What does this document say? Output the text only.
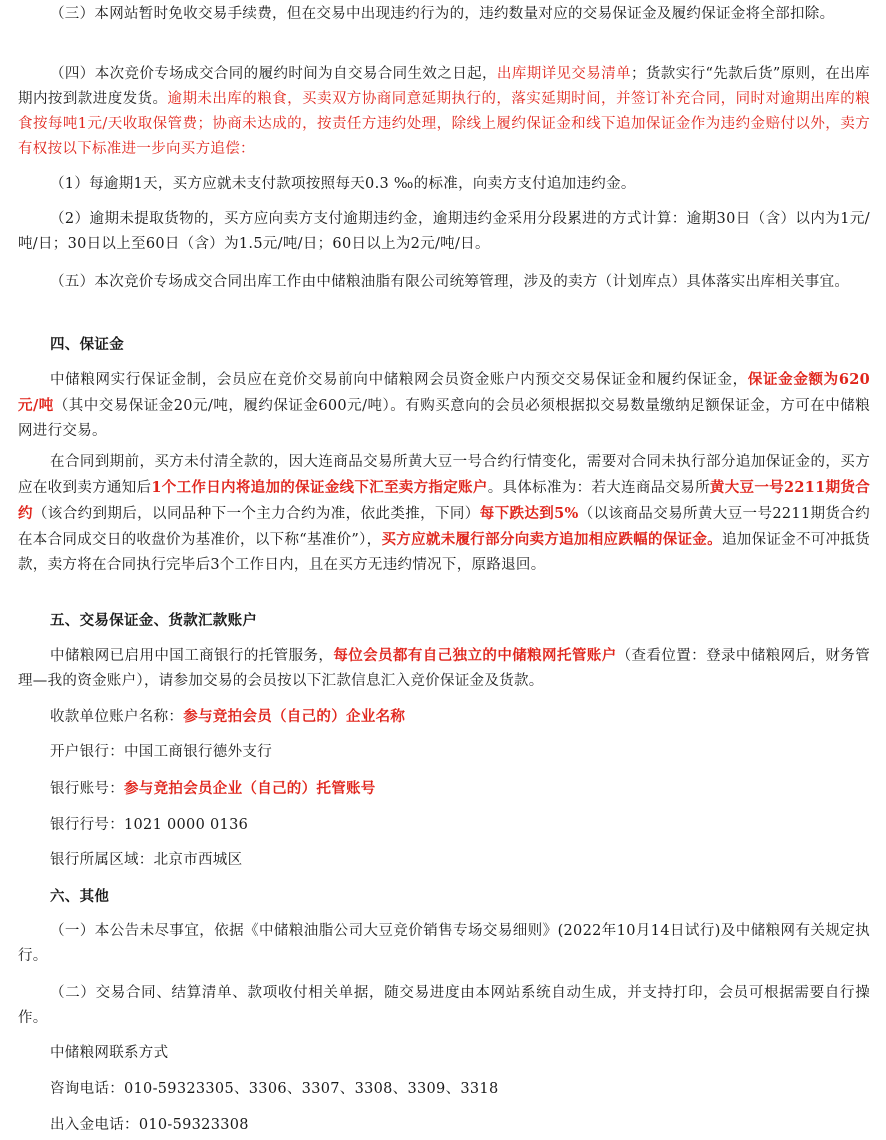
（三）本网站暂时免收交易手续费，但在交易中出现违约行为的，违约数量对应的交易保证金及履约保证金将全部扣除。

（四）本次竞价专场成交合同的履约时间为自交易合同生效之日起，出库期详见交易清单；货款实行“先款后货”原则，在出库期内按到款进度发货。逾期未出库的粮食，买卖双方协商同意延期执行的，落实延期时间，并签订补充合同，同时对逾期出库的粮食按每吨1元/天收取保管费；协商未达成的，按责任方违约处理，除线上履约保证金和线下追加保证金作为违约金赔付以外，卖方有权按以下标准进一步向买方追偿：

（1）每逾期1天，买方应就未支付款项按照每天0.3 ‰的标准，向卖方支付追加违约金。

（2）逾期未提取货物的，买方应向卖方支付逾期违约金，逾期违约金采用分段累进的方式计算：逾期30日（含）以内为1元/吨/日；30日以上至60日（含）为1.5元/吨/日；60日以上为2元/吨/日。

（五）本次竞价专场成交合同出库工作由中储粮油脂有限公司统筹管理，涉及的卖方（计划库点）具体落实出库相关事宜。

四、保证金

中储粮网实行保证金制，会员应在竞价交易前向中储粮网会员资金账户内预交交易保证金和履约保证金，保证金金额为620元/吨（其中交易保证金20元/吨，履约保证金600元/吨）。有购买意向的会员必须根据拟交易数量缴纳足额保证金，方可在中储粮网进行交易。

在合同到期前，买方未付清全款的，因大连商品交易所黄大豆一号合约行情变化，需要对合同未执行部分追加保证金的，买方应在收到卖方通知后1个工作日内将追加的保证金线下汇至卖方指定账户。具体标准为：若大连商品交易所黄大豆一号2211期货合约（该合约到期后，以同品种下一个主力合约为准，依此类推，下同）每下跌达到5%（以该商品交易所黄大豆一号2211期货合约在本合同成交日的收盘价为基准价，以下称“基准价”），买方应就未履行部分向卖方追加相应跌幅的保证金。追加保证金不可冲抵货款，卖方将在合同执行完毕后3个工作日内，且在买方无违约情况下，原路退回。

五、交易保证金、货款汇款账户

中储粮网已启用中国工商银行的托管服务，每位会员都有自己独立的中储粮网托管账户（查看位置：登录中储粮网后，财务管理—我的资金账户），请参加交易的会员按以下汇款信息汇入竞价保证金及货款。

收款单位账户名称：参与竞拍会员（自己的）企业名称

开户银行：中国工商银行德外支行

银行账号：参与竞拍会员企业（自己的）托管账号

银行行号：1021 0000 0136

银行所属区域：北京市西城区

六、其他

（一）本公告未尽事宜，依据《中储粮油脂公司大豆竞价销售专场交易细则》(2022年10月14日试行)及中储粮网有关规定执行。

（二）交易合同、结算清单、款项收付相关单据，随交易进度由本网站系统自动生成，并支持打印，会员可根据需要自行操作。

中储粮网联系方式

咨询电话：010-59323305、3306、3307、3308、3309、3318

出入金电话：010-59323308
